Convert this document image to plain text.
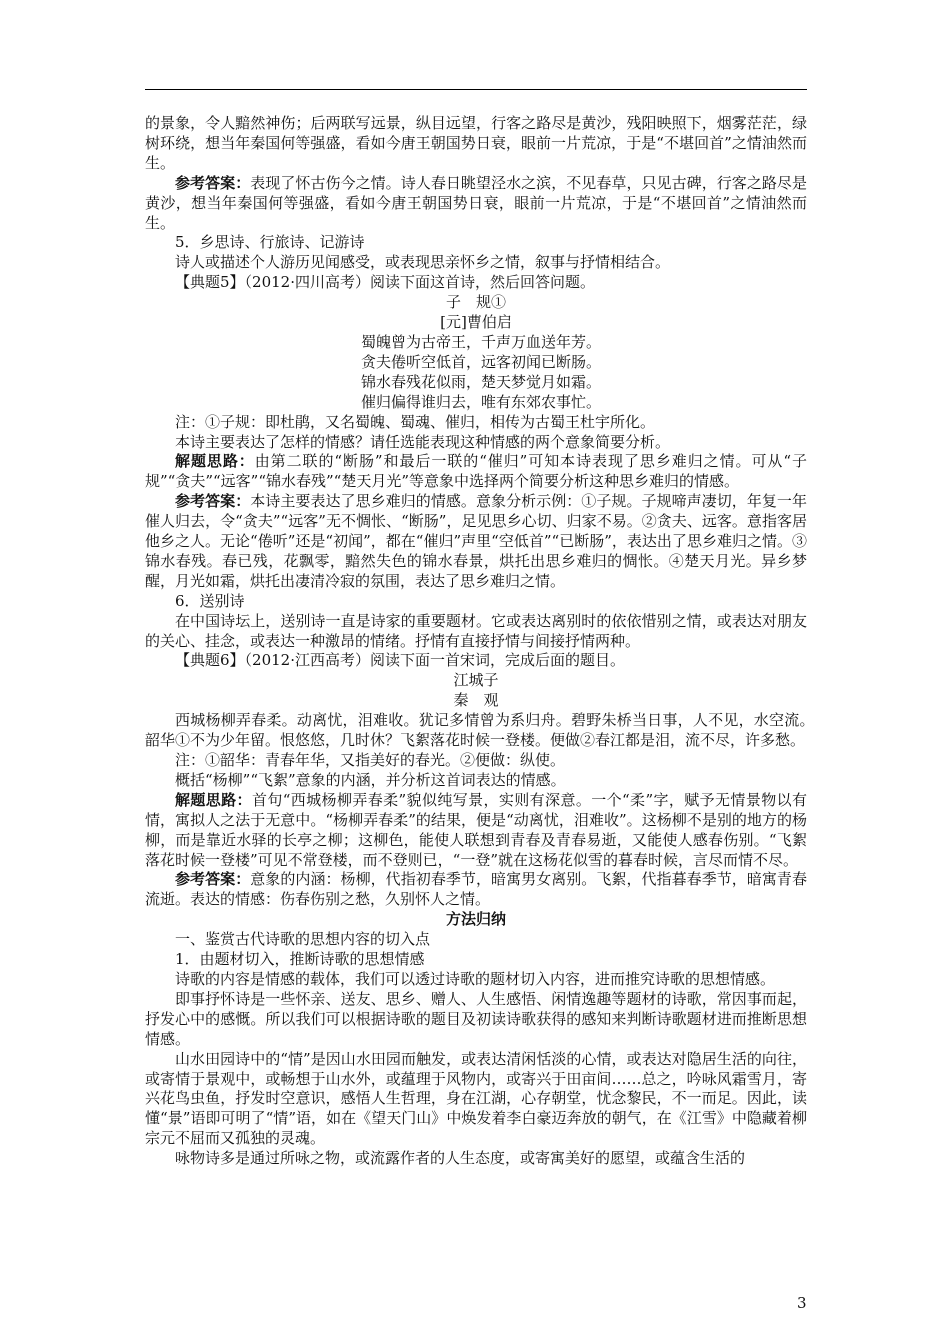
的景象，令人黯然神伤；后两联写远景，纵目远望，行客之路尽是黄沙，残阳映照下，烟雾茫茫，绿树环绕，想当年秦国何等强盛，看如今唐王朝国势日衰，眼前一片荒凉，于是“不堪回首”之情油然而生。

参考答案：表现了怀古伤今之情。诗人春日眺望泾水之滨，不见春草，只见古碑，行客之路尽是黄沙，想当年秦国何等强盛，看如今唐王朝国势日衰，眼前一片荒凉，于是“不堪回首”之情油然而生。

5．乡思诗、行旅诗、记游诗

诗人或描述个人游历见闻感受，或表现思亲怀乡之情，叙事与抒情相结合。

【典题5】（2012·四川高考）阅读下面这首诗，然后回答问题。

子　规①

[元]曹伯启

蜀魄曾为古帝王，千声万血送年芳。

贪夫倦听空低首，远客初闻已断肠。

锦水春残花似雨，楚天梦觉月如霜。

催归偏得谁归去，唯有东郊农事忙。

注：①子规：即杜鹃，又名蜀魄、蜀魂、催归，相传为古蜀王杜宇所化。

本诗主要表达了怎样的情感？请任选能表现这种情感的两个意象简要分析。

解题思路：由第二联的“断肠”和最后一联的“催归”可知本诗表现了思乡难归之情。可从“子规”“贪夫”“远客”“锦水春残”“楚天月光”等意象中选择两个简要分析这种思乡难归的情感。

参考答案：本诗主要表达了思乡难归的情感。意象分析示例：①子规。子规啼声凄切，年复一年催人归去，令“贪夫”“远客”无不惆怅、“断肠”，足见思乡心切、归家不易。②贪夫、远客。意指客居他乡之人。无论“倦听”还是“初闻”，都在“催归”声里“空低首”“已断肠”，表达出了思乡难归之情。③锦水春残。春已残，花飘零，黯然失色的锦水春景，烘托出思乡难归的惆怅。④楚天月光。异乡梦醒，月光如霜，烘托出凄清冷寂的氛围，表达了思乡难归之情。

6．送别诗

在中国诗坛上，送别诗一直是诗家的重要题材。它或表达离别时的依依惜别之情，或表达对朋友的关心、挂念，或表达一种激昂的情绪。抒情有直接抒情与间接抒情两种。

【典题6】（2012·江西高考）阅读下面一首宋词，完成后面的题目。

江城子

秦　观

西城杨柳弄春柔。动离忧，泪难收。犹记多情曾为系归舟。碧野朱桥当日事，人不见，水空流。　　韶华①不为少年留。恨悠悠，几时休？飞絮落花时候一登楼。便做②春江都是泪，流不尽，许多愁。

注：①韶华：青春年华，又指美好的春光。②便做：纵使。

概括“杨柳”“飞絮”意象的内涵，并分析这首词表达的情感。

解题思路：首句“西城杨柳弄春柔”貌似纯写景，实则有深意。一个“柔”字，赋予无情景物以有情，寓拟人之法于无意中。“杨柳弄春柔”的结果，便是“动离忧，泪难收”。这杨柳不是别的地方的杨柳，而是靠近水驿的长亭之柳；这柳色，能使人联想到青春及青春易逝，又能使人感春伤别。“飞絮落花时候一登楼”可见不常登楼，而不登则已，“一登”就在这杨花似雪的暮春时候，言尽而情不尽。

参考答案：意象的内涵：杨柳，代指初春季节，暗寓男女离别。飞絮，代指暮春季节，暗寓青春流逝。表达的情感：伤春伤别之愁，久别怀人之情。

方法归纳

一、鉴赏古代诗歌的思想内容的切入点

1．由题材切入，推断诗歌的思想情感

诗歌的内容是情感的载体，我们可以透过诗歌的题材切入内容，进而推究诗歌的思想情感。

即事抒怀诗是一些怀亲、送友、思乡、赠人、人生感悟、闲情逸趣等题材的诗歌，常因事而起，抒发心中的感慨。所以我们可以根据诗歌的题目及初读诗歌获得的感知来判断诗歌题材进而推断思想情感。

山水田园诗中的“情”是因山水田园而触发，或表达清闲恬淡的心情，或表达对隐居生活的向往，或寄情于景观中，或畅想于山水外，或蕴理于风物内，或寄兴于田亩间……总之，吟咏风霜雪月，寄兴花鸟虫鱼，抒发时空意识，感悟人生哲理，身在江湖，心存朝堂，忧念黎民，不一而足。因此，读懂“景”语即可明了“情”语，如在《望天门山》中焕发着李白豪迈奔放的朝气，在《江雪》中隐藏着柳宗元不屈而又孤独的灵魂。

咏物诗多是通过所咏之物，或流露作者的人生态度，或寄寓美好的愿望，或蕴含生活的

3
